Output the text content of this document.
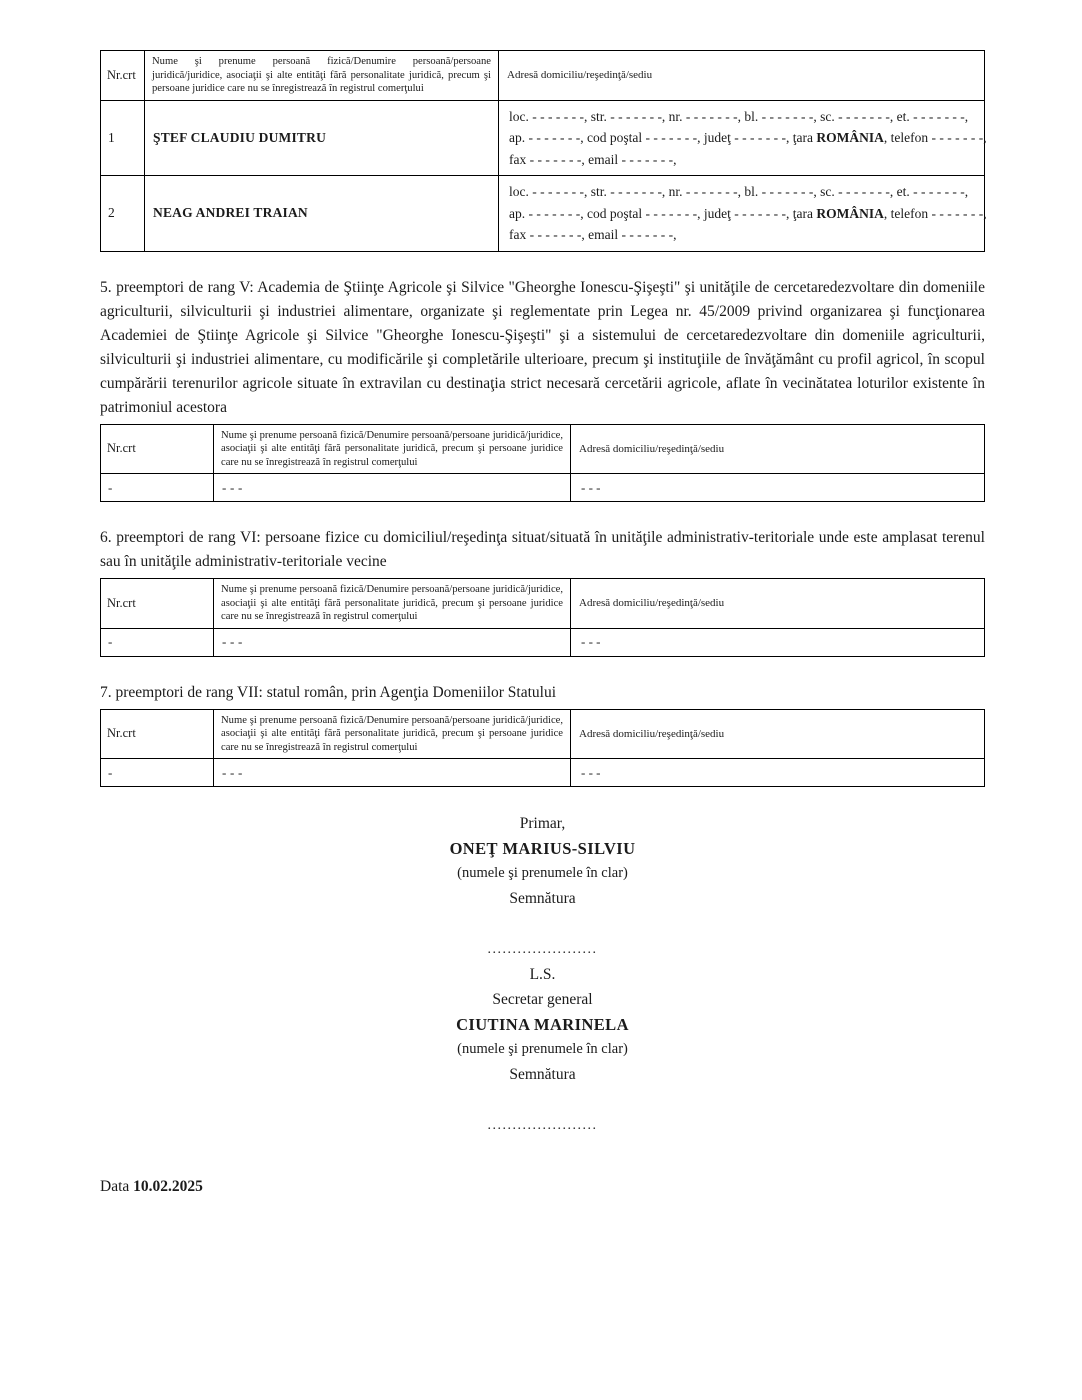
Nr.crt	Nume şi prenume persoană fizică/Denumire persoană/persoane juridică/juridice, asociaţii şi alte entităţi fără personalitate juridică, precum şi persoane juridice care nu se înregistrează în registrul comerţului	Adresă domiciliu/reşedinţă/sediu
1	ŞTEF CLAUDIU DUMITRU	loc. - - - - - - -, str. - - - - - - -, nr. - - - - - - -, bl. - - - - - - -, sc. - - - - - - -, et. - - - - - - -,
ap. - - - - - - -, cod poştal - - - - - - -, judeţ - - - - - - -, ţara ROMÂNIA, telefon - - - - - - -,
fax - - - - - - -, email - - - - - - -,

2	NEAG ANDREI TRAIAN	loc. - - - - - - -, str. - - - - - - -, nr. - - - - - - -, bl. - - - - - - -, sc. - - - - - - -, et. - - - - - - -,
ap. - - - - - - -, cod poştal - - - - - - -, judeţ - - - - - - -, ţara ROMÂNIA, telefon - - - - - - -,
fax - - - - - - -, email - - - - - - -,

5. preemptori de rang V: Academia de Ştiinţe Agricole şi Silvice "Gheorghe Ionescu-Şişeşti" şi unităţile de cercetaredezvoltare din domeniile agriculturii, silviculturii şi industriei alimentare, organizate şi reglementate prin Legea nr. 45/2009 privind organizarea şi funcţionarea Academiei de Ştiinţe Agricole şi Silvice "Gheorghe Ionescu-Şişeşti" şi a sistemului de cercetaredezvoltare din domeniile agriculturii, silviculturii şi industriei alimentare, cu modificările şi completările ulterioare, precum şi instituţiile de învăţământ cu profil agricol, în scopul cumpărării terenurilor agricole situate în extravilan cu destinaţia strict necesară cercetării agricole, aflate în vecinătatea loturilor existente în patrimoniul acestora

Nr.crt	Nume şi prenume persoană fizică/Denumire persoană/persoane juridică/juridice, asociaţii şi alte entităţi fără personalitate juridică, precum şi persoane juridice care nu se înregistrează în registrul comerţului	Adresă domiciliu/reşedinţă/sediu
-	- - -	- - -

6. preemptori de rang VI: persoane fizice cu domiciliul/reşedinţa situat/situată în unităţile administrativ-teritoriale unde este amplasat terenul sau în unităţile administrativ-teritoriale vecine

Nr.crt	Nume şi prenume persoană fizică/Denumire persoană/persoane juridică/juridice, asociaţii şi alte entităţi fără personalitate juridică, precum şi persoane juridice care nu se înregistrează în registrul comerţului	Adresă domiciliu/reşedinţă/sediu
-	- - -	- - -

7. preemptori de rang VII: statul român, prin Agenţia Domeniilor Statului

Nr.crt	Nume şi prenume persoană fizică/Denumire persoană/persoane juridică/juridice, asociaţii şi alte entităţi fără personalitate juridică, precum şi persoane juridice care nu se înregistrează în registrul comerţului	Adresă domiciliu/reşedinţă/sediu
-	- - -	- - -
Primar,
ONEŢ MARIUS-SILVIU
(numele şi prenumele în clar)
Semnătura
......................
L.S.
Secretar general
CIUTINA MARINELA
(numele şi prenumele în clar)
Semnătura
......................
Data 10.02.2025
